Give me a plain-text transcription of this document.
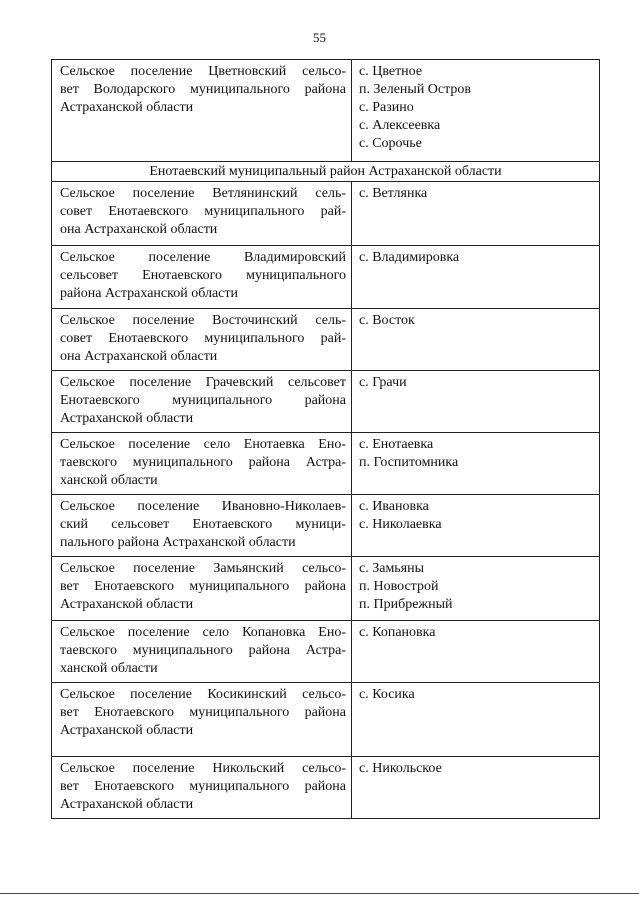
55
Сельское поселение Цветновский сельсо-
вет Володарского муниципального района
Астраханской области	с. Цветное
п. Зеленый Остров
с. Разино
с. Алексеевка
с. Сорочье

Енотаевский муниципальный район Астраханской области	

Сельское поселение Ветлянинский сель-
совет Енотаевского муниципального рай-
она Астраханской области	с. Ветлянка

Сельское поселение Владимировский
сельсовет Енотаевского муниципального
района Астраханской области	с. Владимировка

Сельское поселение Восточинский сель-
совет Енотаевского муниципального рай-
она Астраханской области	с. Восток

Сельское поселение Грачевский сельсовет
Енотаевского муниципального района
Астраханской области	с. Грачи

Сельское поселение село Енотаевка Ено-
таевского муниципального района Астра-
ханской области	с. Енотаевка
п. Госпитомника

Сельское поселение Ивановно-Николаев-
ский сельсовет Енотаевского муници-
пального района Астраханской области	с. Ивановка
с. Николаевка

Сельское поселение Замьянский сельсо-
вет Енотаевского муниципального района
Астраханской области	с. Замьяны
п. Новострой
п. Прибрежный

Сельское поселение село Копановка Ено-
таевского муниципального района Астра-
ханской области	с. Копановка

Сельское поселение Косикинский сельсо-
вет Енотаевского муниципального района
Астраханской области	с. Косика

Сельское поселение Никольский сельсо-
вет Енотаевского муниципального района
Астраханской области	с. Никольское
